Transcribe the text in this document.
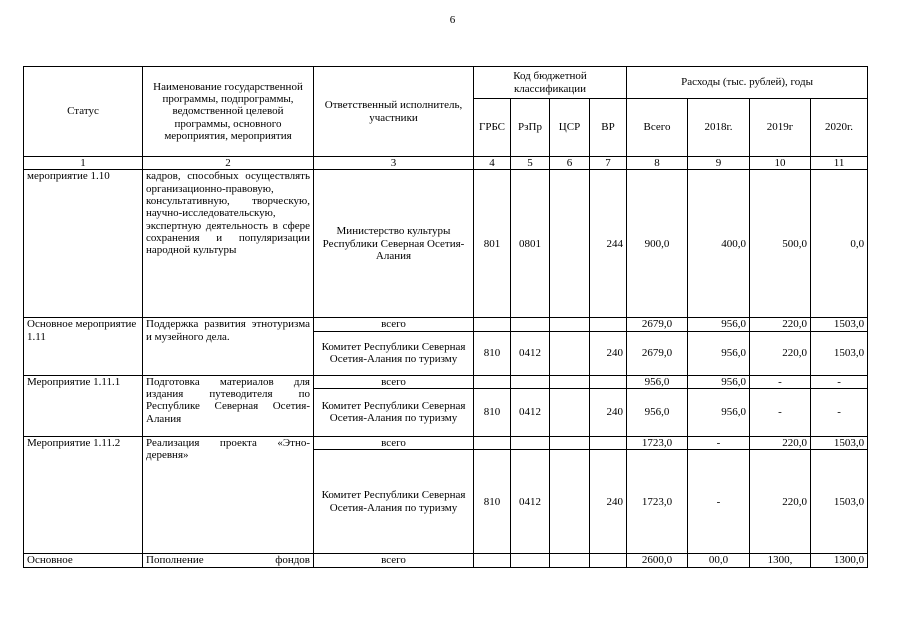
6
Статус	Наименование государственной программы, подпрограммы, ведомственной целевой программы, основного мероприятия, мероприятия	Ответственный исполнитель, участники	Код бюджетной классификации				Расходы (тыс. рублей), годы			
			ГРБС	РзПр	ЦСР	ВР	Всего	2018г.	2019г	2020г.
1	2	3	4	5	6	7	8	9	10	11
мероприятие 1.10	кадров, способных осуществлять организационно-правовую, консультативную, творческую, научно-исследовательскую, экспертную деятельность в сфере сохранения и популяризации народной культуры	Министерство культуры Республики Северная Осетия-Алания	801	0801		244	900,0	400,0	500,0	0,0
Основное мероприятие 1.11	Поддержка развития этнотуризма и музейного дела.	всего					2679,0	956,0	220,0	1503,0
		Комитет Республики Северная Осетия-Алания по туризму	810	0412		240	2679,0	956,0	220,0	1503,0
Мероприятие 1.11.1	Подготовка материалов для издания путеводителя по Республике Северная Осетия-Алания	всего					956,0	956,0	-	-
		Комитет Республики Северная Осетия-Алания по туризму	810	0412		240	956,0	956,0	-	-
Мероприятие 1.11.2	Реализация проекта «Этно-деревня»	всего					1723,0	-	220,0	1503,0
		Комитет Республики Северная Осетия-Алания по туризму	810	0412		240	1723,0	-	220,0	1503,0
Основное	Пополнение фондов	всего					2600,0	00,0	1300,	1300,0
